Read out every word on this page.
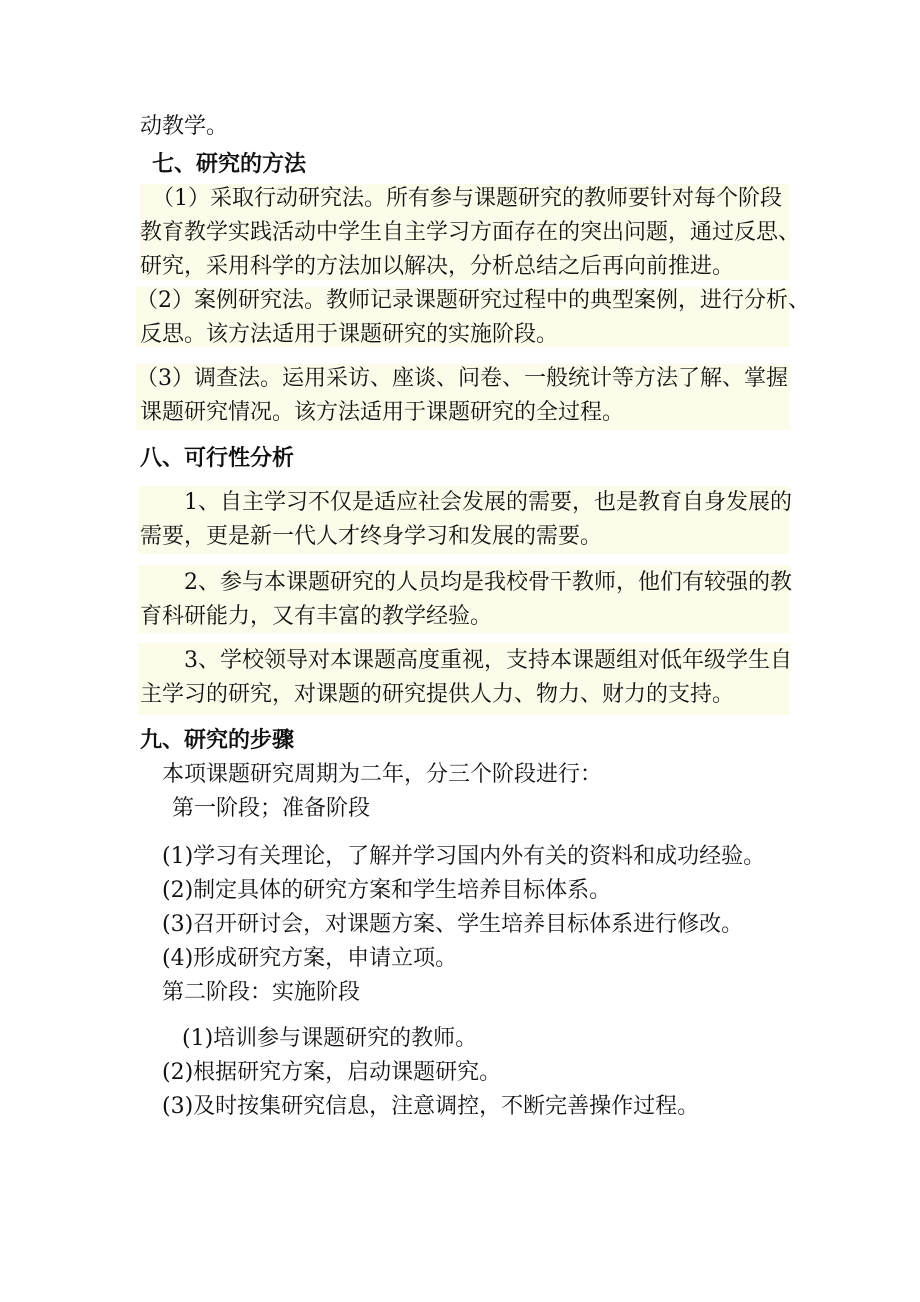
动教学。
七、研究的方法
（1）采取行动研究法。所有参与课题研究的教师要针对每个阶段
教育教学实践活动中学生自主学习方面存在的突出问题，通过反思、
研究，采用科学的方法加以解决，分析总结之后再向前推进。
（2）案例研究法。教师记录课题研究过程中的典型案例，进行分析、
反思。该方法适用于课题研究的实施阶段。
（3）调查法。运用采访、座谈、问卷、一般统计等方法了解、掌握
课题研究情况。该方法适用于课题研究的全过程。
八、可行性分析
1、自主学习不仅是适应社会发展的需要，也是教育自身发展的
需要，更是新一代人才终身学习和发展的需要。
2、参与本课题研究的人员均是我校骨干教师，他们有较强的教
育科研能力，又有丰富的教学经验。
3、学校领导对本课题高度重视，支持本课题组对低年级学生自
主学习的研究，对课题的研究提供人力、物力、财力的支持。
九、研究的步骤
本项课题研究周期为二年，分三个阶段进行：
第一阶段；准备阶段
(1)学习有关理论，了解并学习国内外有关的资料和成功经验。
(2)制定具体的研究方案和学生培养目标体系。
(3)召开研讨会，对课题方案、学生培养目标体系进行修改。
(4)形成研究方案，申请立项。
第二阶段：实施阶段
(1)培训参与课题研究的教师。
(2)根据研究方案，启动课题研究。
(3)及时按集研究信息，注意调控，不断完善操作过程。
